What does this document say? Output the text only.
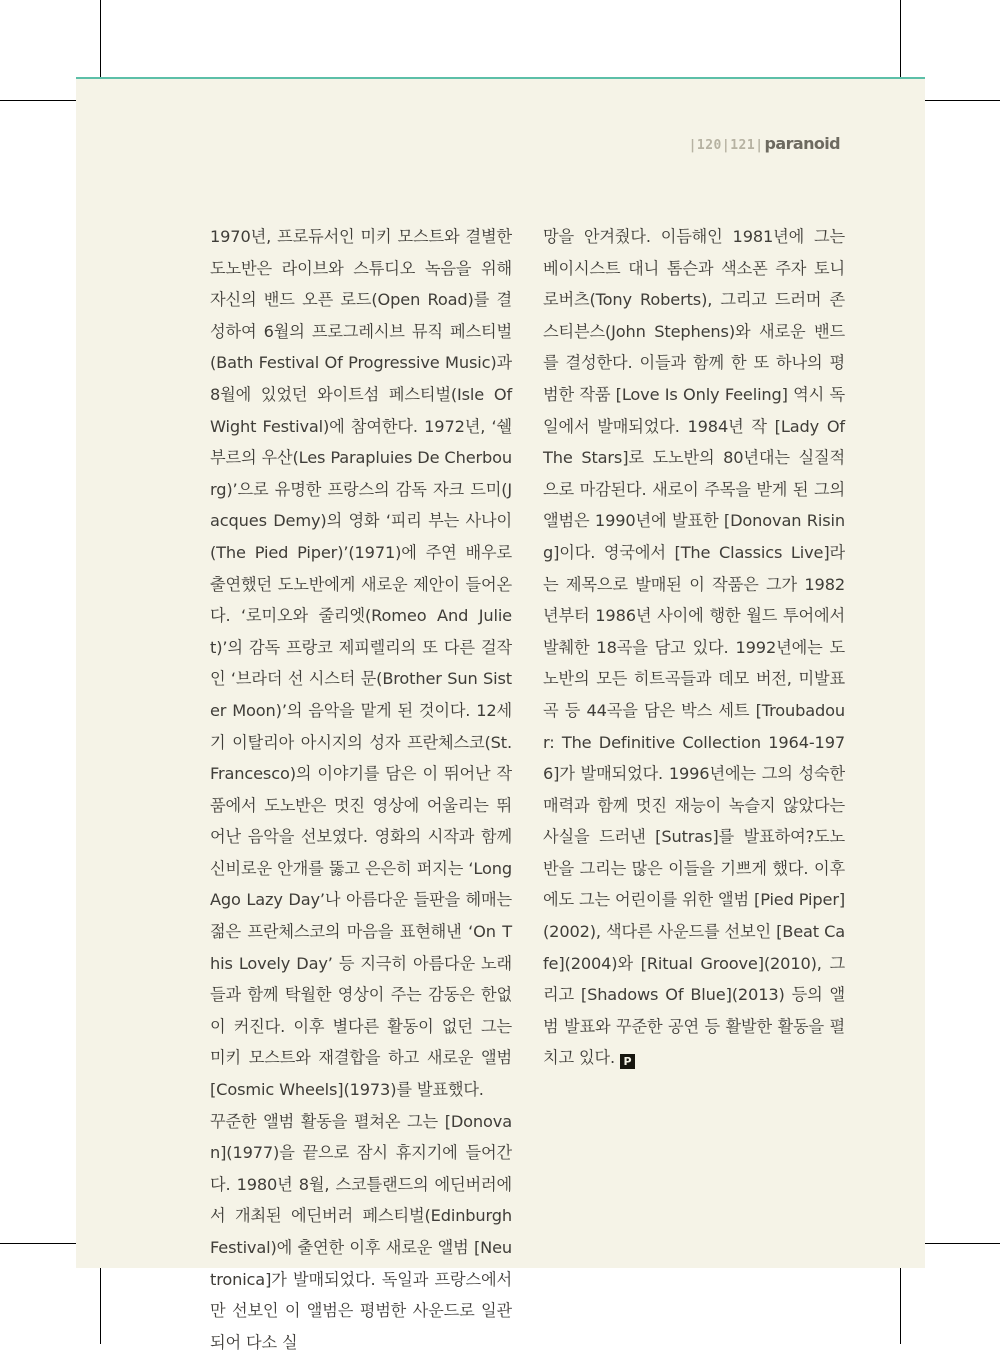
|120|121| paranoid

1970년, 프로듀서인 미키 모스트와 결별한 도노반은 라이브와 스튜디오 녹음을 위해 자신의 밴드 오픈 로드(Open Road)를 결성하여 6월의 프로그레시브 뮤직 페스티벌(Bath Festival Of Progressive Music)과 8월에 있었던 와이트섬 페스티벌(Isle Of Wight Festival)에 참여한다. 1972년, ‘쉘부르의 우산(Les Parapluies De Cherbourg)’으로 유명한 프랑스의 감독 자크 드미(Jacques Demy)의 영화 ‘피리 부는 사나이(The Pied Piper)’(1971)에 주연 배우로 출연했던 도노반에게 새로운 제안이 들어온다. ‘로미오와 줄리엣(Romeo And Juliet)’의 감독 프랑코 제피렐리의 또 다른 걸작인 ‘브라더 선 시스터 문(Brother Sun Sister Moon)’의 음악을 맡게 된 것이다. 12세기 이탈리아 아시지의 성자 프란체스코(St. Francesco)의 이야기를 담은 이 뛰어난 작품에서 도노반은 멋진 영상에 어울리는 뛰어난 음악을 선보였다. 영화의 시작과 함께 신비로운 안개를 뚫고 은은히 퍼지는 ‘Long Ago Lazy Day’나 아름다운 들판을 헤매는 젊은 프란체스코의 마음을 표현해낸 ‘On This Lovely Day’ 등 지극히 아름다운 노래들과 함께 탁월한 영상이 주는 감동은 한없이 커진다. 이후 별다른 활동이 없던 그는 미키 모스트와 재결합을 하고 새로운 앨범 [Cosmic Wheels](1973)를 발표했다.

꾸준한 앨범 활동을 펼쳐온 그는 [Donovan](1977)을 끝으로 잠시 휴지기에 들어간다. 1980년 8월, 스코틀랜드의 에딘버러에서 개최된 에딘버러 페스티벌(Edinburgh Festival)에 출연한 이후 새로운 앨범 [Neutronica]가 발매되었다. 독일과 프랑스에서만 선보인 이 앨범은 평범한 사운드로 일관되어 다소 실

망을 안겨줬다. 이듬해인 1981년에 그는 베이시스트 대니 톰슨과 색소폰 주자 토니 로버츠(Tony Roberts), 그리고 드러머 존 스티븐스(John Stephens)와 새로운 밴드를 결성한다. 이들과 함께 한 또 하나의 평범한 작품 [Love Is Only Feeling] 역시 독일에서 발매되었다. 1984년 작 [Lady Of The Stars]로 도노반의 80년대는 실질적으로 마감된다. 새로이 주목을 받게 된 그의 앨범은 1990년에 발표한 [Donovan Rising]이다. 영국에서 [The Classics Live]라는 제목으로 발매된 이 작품은 그가 1982년부터 1986년 사이에 행한 월드 투어에서 발췌한 18곡을 담고 있다. 1992년에는 도노반의 모든 히트곡들과 데모 버전, 미발표곡 등 44곡을 담은 박스 세트 [Troubadour: The Definitive Collection 1964-1976]가 발매되었다. 1996년에는 그의 성숙한 매력과 함께 멋진 재능이 녹슬지 않았다는 사실을 드러낸 [Sutras]를 발표하여?도노반을 그리는 많은 이들을 기쁘게 했다. 이후에도 그는 어린이를 위한 앨범 [Pied Piper](2002), 색다른 사운드를 선보인 [Beat Cafe](2004)와 [Ritual Groove](2010), 그리고 [Shadows Of Blue](2013) 등의 앨범 발표와 꾸준한 공연 등 활발한 활동을 펼치고 있다. P
